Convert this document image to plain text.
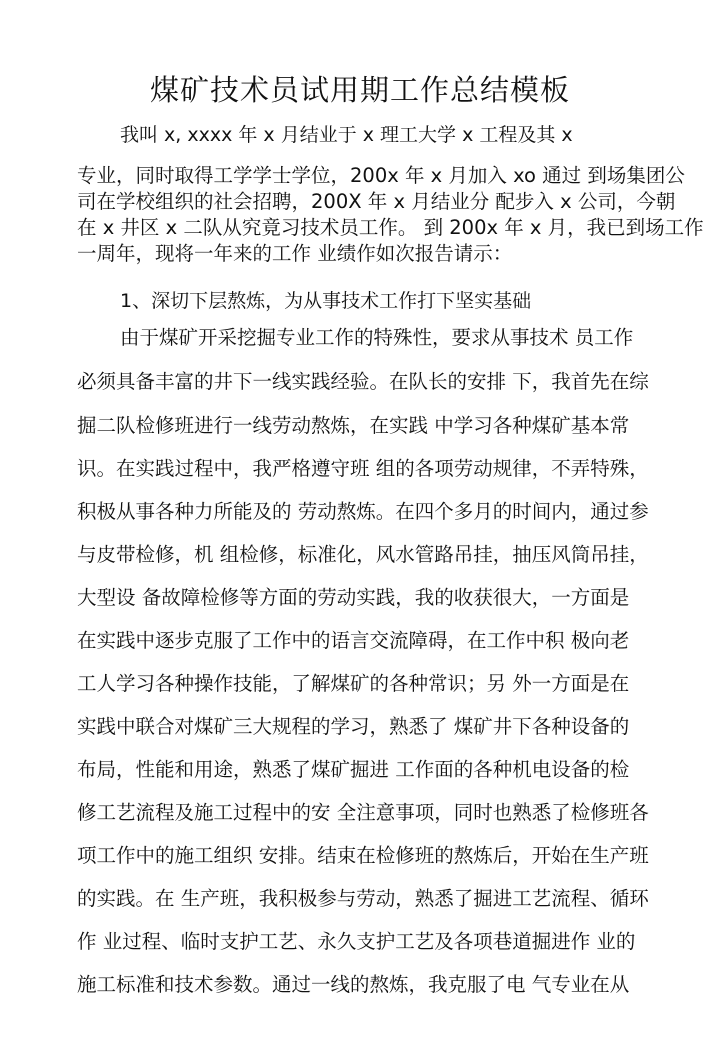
煤矿技术员试用期工作总结模板
我叫 x, xxxx 年 x 月结业于 x 理工大学 x 工程及其 x
专业，同时取得工学学士学位，200x 年 x 月加入 xo 通过 到场集团公
司在学校组织的社会招聘，200X 年 x 月结业分 配步入 x 公司，今朝
在 x 井区 x 二队从究竟习技术员工作。 到 200x 年 x 月，我已到场工作
一周年，现将一年来的工作 业绩作如次报告请示：
1、深切下层熬炼，为从事技术工作打下坚实基础
由于煤矿开采挖掘专业工作的特殊性，要求从事技术 员工作
必须具备丰富的井下一线实践经验。在队长的安排 下，我首先在综
掘二队检修班进行一线劳动熬炼，在实践 中学习各种煤矿基本常
识。在实践过程中，我严格遵守班 组的各项劳动规律，不弄特殊，
积极从事各种力所能及的 劳动熬炼。在四个多月的时间内，通过参
与皮带检修，机 组检修，标准化，风水管路吊挂，抽压风筒吊挂，
大型设 备故障检修等方面的劳动实践，我的收获很大，一方面是
在实践中逐步克服了工作中的语言交流障碍，在工作中积 极向老
工人学习各种操作技能，了解煤矿的各种常识；另 外一方面是在
实践中联合对煤矿三大规程的学习，熟悉了 煤矿井下各种设备的
布局，性能和用途，熟悉了煤矿掘进 工作面的各种机电设备的检
修工艺流程及施工过程中的安 全注意事项，同时也熟悉了检修班各
项工作中的施工组织 安排。结束在检修班的熬炼后，开始在生产班
的实践。在 生产班，我积极参与劳动，熟悉了掘进工艺流程、循环
作 业过程、临时支护工艺、永久支护工艺及各项巷道掘进作 业的
施工标准和技术参数。通过一线的熬炼，我克服了电 气专业在从
